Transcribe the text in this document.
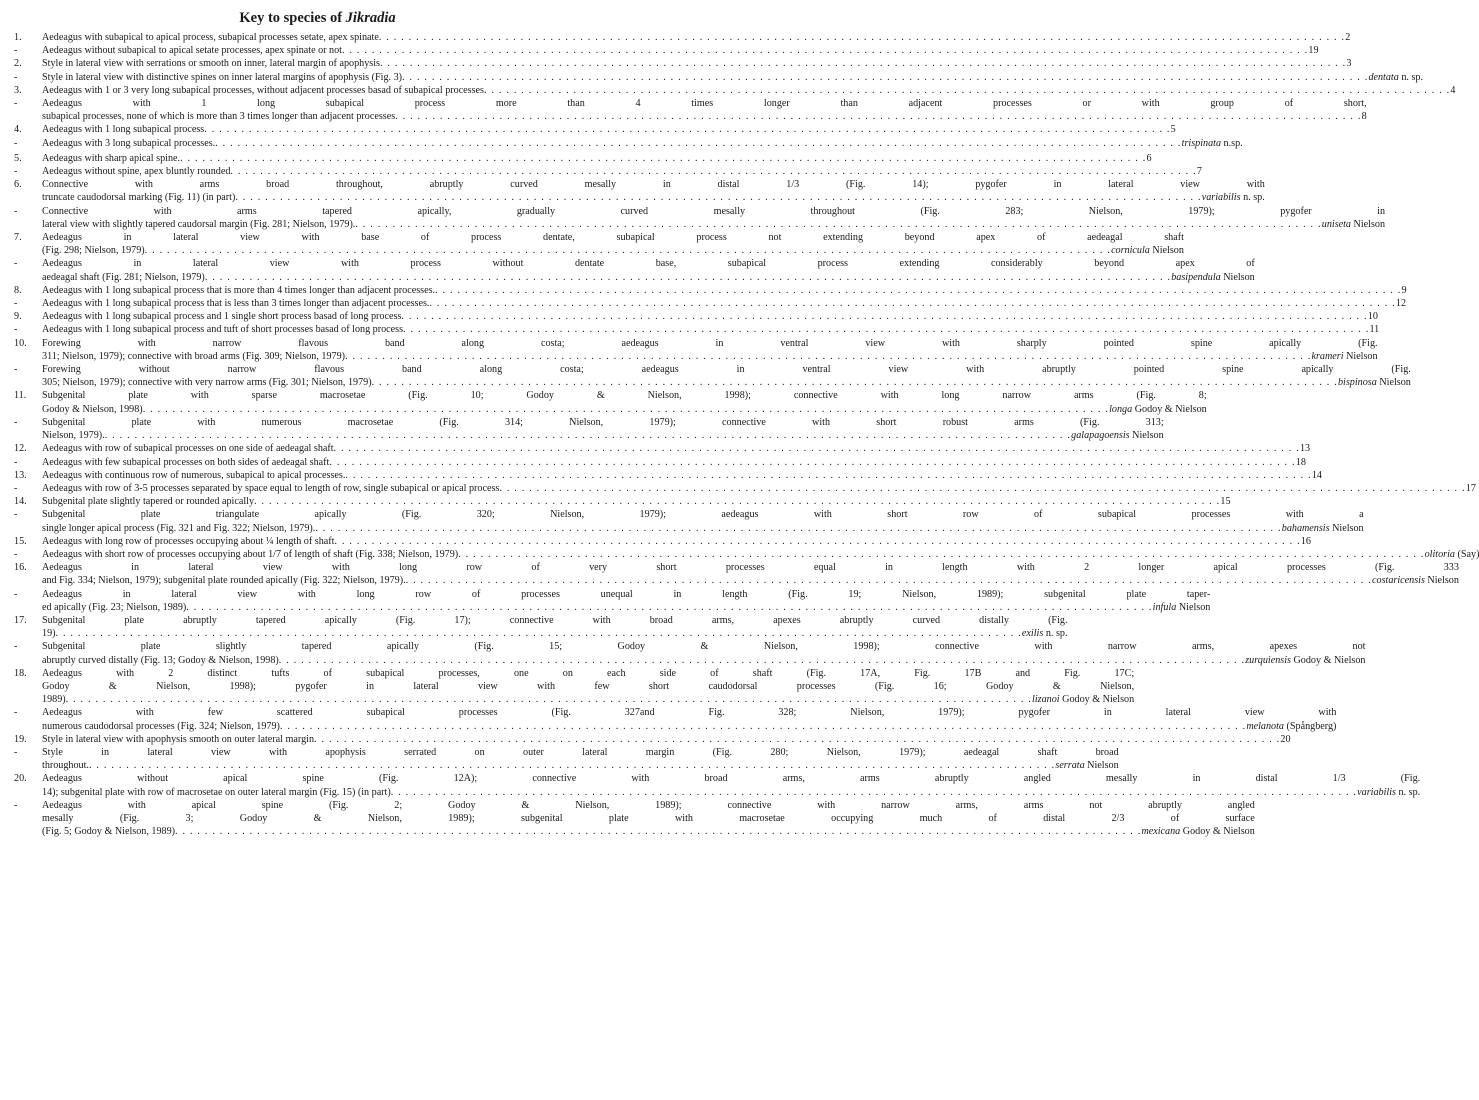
Key to species of Jikradia
1.	Aedeagus with subapical to apical process, subapical processes setate, apex spinate . . .	2
-	Aedeagus without subapical to apical setate processes, apex spinate or not . . .	19
2.	Style in lateral view with serrations or smooth on inner, lateral margin of apophysis . . .	3
-	Style in lateral view with distinctive spines on inner lateral margins of apophysis (Fig. 3) . . .	dentata n. sp.
3.	Aedeagus with 1 or 3 very long subapical processes, without adjacent processes basad of subapical processes . . .	4
-	Aedeagus with 1 long subapical process more than 4 times longer than adjacent processes or with group of short,
subapical processes, none of which is more than 3 times longer than adjacent processes . . .	8
4.	Aedeagus with 1 long subapical process . . .	5
-	Aedeagus with 3 long subapical processes. . . .	trispinata n.sp.
5.	Aedeagus with sharp apical spine. . . .	6
-	Aedeagus without spine, apex bluntly rounded . . .	7
6.	Connective with arms broad throughout, abruptly curved mesally in distal 1/3 (Fig. 14); pygofer in lateral view with
truncate caudodorsal marking (Fig. 11) (in part) . . .	variabilis n. sp.
-	Connective with arms tapered apically, gradually curved mesally throughout (Fig. 283; Nielson, 1979); pygofer in
lateral view with slightly tapered caudorsal margin (Fig. 281; Nielson, 1979). . . .	uniseta Nielson
7.	Aedeagus in lateral view with base of process dentate, subapical process not extending beyond apex of aedeagal shaft
(Fig. 298; Nielson, 1979) . . .	cornicula Nielson
-	Aedeagus in lateral view with process without dentate base, subapical process extending considerably beyond apex of
aedeagal shaft (Fig. 281; Nielson, 1979) . . .	basipendula Nielson
8.	Aedeagus with 1 long subapical process that is more than 4 times longer than adjacent processes. . . .	9
-	Aedeagus with 1 long subapical process that is less than 3 times longer than adjacent processes. . . .	12
9.	Aedeagus with 1 long subapical process and 1 single short process basad of long process . . .	10
-	Aedeagus with 1 long subapical process and tuft of short processes basad of long process . . .	11
10.	Forewing with narrow flavous band along costa; aedeagus in ventral view with sharply pointed spine apically (Fig.
311; Nielson, 1979); connective with broad arms (Fig. 309; Nielson, 1979) . . .	krameri Nielson
-	Forewing without narrow flavous band along costa; aedeagus in ventral view with abruptly pointed spine apically (Fig.
305; Nielson, 1979); connective with very narrow arms (Fig. 301; Nielson, 1979) . . .	bispinosa Nielson
11.	Subgenital plate with sparse macrosetae (Fig. 10; Godoy & Nielson, 1998); connective with long narrow arms (Fig. 8;
Godoy & Nielson, 1998) . . .	longa Godoy & Nielson
-	Subgenital plate with numerous macrosetae (Fig. 314; Nielson, 1979); connective with short robust arms (Fig. 313;
Nielson, 1979). . . .	galapagoensis Nielson
12.	Aedeagus with row of subapical processes on one side of aedeagal shaft . . .	13
-	Aedeagus with few subapical processes on both sides of aedeagal shaft . . .	18
13.	Aedeagus with continuous row of numerous, subapical to apical processes. . . .	14
-	Aedeagus with row of 3-5 processes separated by space equal to length of row, single subapical or apical process . . .	17
14.	Subgenital plate slightly tapered or rounded apically . . .	15
-	Subgenital plate triangulate apically (Fig. 320; Nielson, 1979); aedeagus with short row of subapical processes with a
single longer apical process (Fig. 321 and Fig. 322; Nielson, 1979). . . .	bahamensis Nielson
15.	Aedeagus with long row of processes occupying about ¼ length of shaft . . .	16
-	Aedeagus with short row of processes occupying about 1/7 of length of shaft (Fig. 338; Nielson, 1979) . . .	olitoria (Say)
16.	Aedeagus in lateral view with long row of very short processes equal in length with 2 longer apical processes (Fig. 333
and Fig. 334; Nielson, 1979); subgenital plate rounded apically (Fig. 322; Nielson, 1979). . . .	costaricensis Nielson
-	Aedeagus in lateral view with long row of processes unequal in length (Fig. 19; Nielson, 1989); subgenital plate taper-
ed apically (Fig. 23; Nielson, 1989) . . .	infula Nielson
17.	Subgenital plate abruptly tapered apically (Fig. 17); connective with broad arms, apexes abruptly curved distally (Fig.
19) . . .	exilis n. sp.
-	Subgenital plate slightly tapered apically (Fig. 15; Godoy & Nielson, 1998); connective with narrow arms, apexes not
abruptly curved distally (Fig. 13; Godoy & Nielson, 1998) . . .	zurquiensis Godoy & Nielson
18.	Aedeagus with 2 distinct tufts of subapical processes, one on each side of shaft (Fig. 17A, Fig. 17B and Fig. 17C;
Godoy & Nielson, 1998); pygofer in lateral view with few short caudodorsal processes (Fig. 16; Godoy & Nielson,
1989) . . .	lizanoi Godoy & Nielson
-	Aedeagus with few scattered subapical processes (Fig. 327and Fig. 328; Nielson, 1979); pygofer in lateral view with
numerous caudodorsal processes (Fig. 324; Nielson, 1979) . . .	melanota (Spångberg)
19.	Style in lateral view with apophysis smooth on outer lateral margin . . .	20
-	Style in lateral view with apophysis serrated on outer lateral margin (Fig. 280; Nielson, 1979); aedeagal shaft broad
throughout. . . .	serrata Nielson
20.	Aedeagus without apical spine (Fig. 12A); connective with broad arms, arms abruptly angled mesally in distal 1/3 (Fig.
14); subgenital plate with row of macrosetae on outer lateral margin (Fig. 15) (in part) . . .	variabilis n. sp.
-	Aedeagus with apical spine (Fig. 2; Godoy & Nielson, 1989); connective with narrow arms, arms not abruptly angled
mesally (Fig. 3; Godoy & Nielson, 1989); subgenital plate with macrosetae occupying much of distal 2/3 of surface
(Fig. 5; Godoy & Nielson, 1989) . . .	mexicana Godoy & Nielson
